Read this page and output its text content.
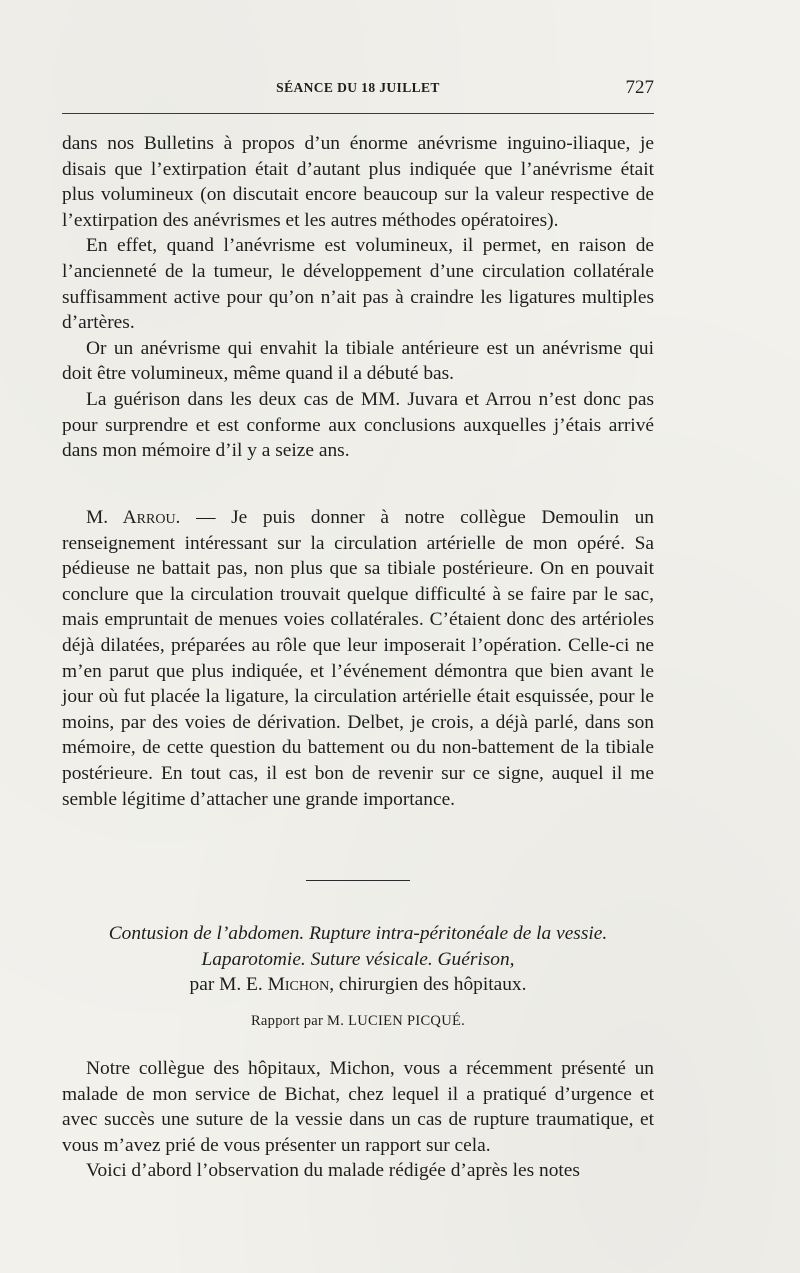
SÉANCE DU 18 JUILLET	727

dans nos Bulletins à propos d’un énorme anévrisme inguino-iliaque, je disais que l’extirpation était d’autant plus indiquée que l’anévrisme était plus volumineux (on discutait encore beaucoup sur la valeur respective de l’extirpation des anévrismes et les autres méthodes opératoires).

En effet, quand l’anévrisme est volumineux, il permet, en raison de l’ancienneté de la tumeur, le développement d’une circulation collatérale suffisamment active pour qu’on n’ait pas à craindre les ligatures multiples d’artères.

Or un anévrisme qui envahit la tibiale antérieure est un anévrisme qui doit être volumineux, même quand il a débuté bas.

La guérison dans les deux cas de MM. Juvara et Arrou n’est donc pas pour surprendre et est conforme aux conclusions auxquelles j’étais arrivé dans mon mémoire d’il y a seize ans.

M. Arrou. — Je puis donner à notre collègue Demoulin un renseignement intéressant sur la circulation artérielle de mon opéré. Sa pédieuse ne battait pas, non plus que sa tibiale postérieure. On en pouvait conclure que la circulation trouvait quelque difficulté à se faire par le sac, mais empruntait de menues voies collatérales. C’étaient donc des artérioles déjà dilatées, préparées au rôle que leur imposerait l’opération. Celle-ci ne m’en parut que plus indiquée, et l’événement démontra que bien avant le jour où fut placée la ligature, la circulation artérielle était esquissée, pour le moins, par des voies de dérivation. Delbet, je crois, a déjà parlé, dans son mémoire, de cette question du battement ou du non-battement de la tibiale postérieure. En tout cas, il est bon de revenir sur ce signe, auquel il me semble légitime d’attacher une grande importance.

Contusion de l’abdomen. Rupture intra-péritonéale de la vessie.
Laparotomie. Suture vésicale. Guérison,
par M. E. Michon, chirurgien des hôpitaux.
Rapport par M. LUCIEN PICQUÉ.

Notre collègue des hôpitaux, Michon, vous a récemment présenté un malade de mon service de Bichat, chez lequel il a pratiqué d’urgence et avec succès une suture de la vessie dans un cas de rupture traumatique, et vous m’avez prié de vous présenter un rapport sur cela.

Voici d’abord l’observation du malade rédigée d’après les notes
